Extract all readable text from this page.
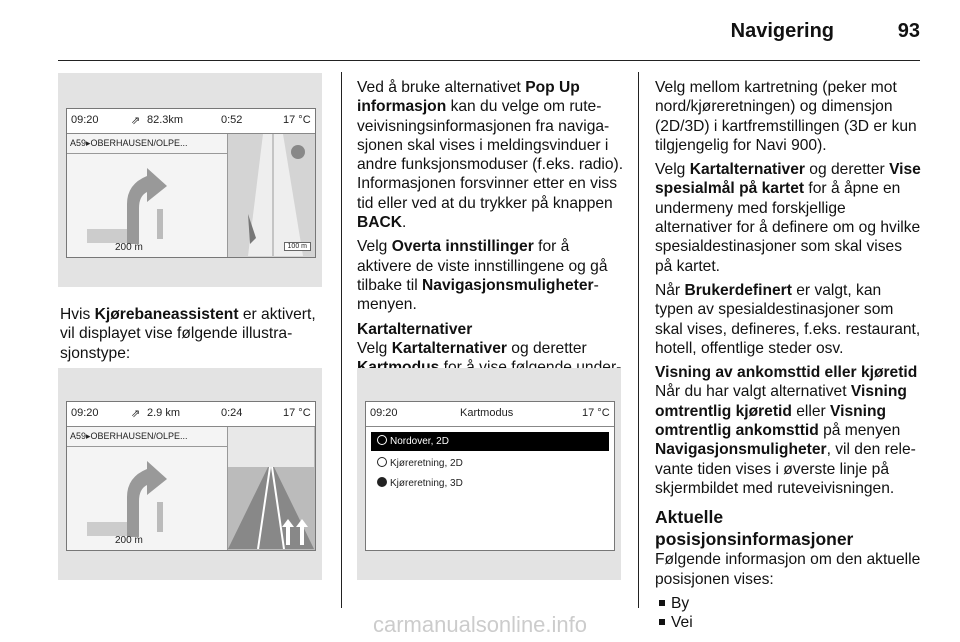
Navigering	93
09:20	⇗ 82.3km	0:52	17 °C
200 m
A59▸OBERHAUSEN/OLPE...
100 m

Hvis Kjørebaneassistent er aktivert, vil displayet vise følgende illustrasjonstype:

09:20	⇗ 2.9 km	0:24	17 °C
200 m
A59▸OBERHAUSEN/OLPE...

Ved å bruke alternativet Pop Up informasjon kan du velge om ruteveivisningsinformasjonen fra navigasjonen skal vises i meldingsvinduer i andre funksjonsmoduser (f.eks. radio). Informasjonen forsvinner etter en viss tid eller ved at du trykker på knappen BACK.

Velg Overta innstillinger for å aktivere de viste innstillingene og gå tilbake til Navigasjonsmuligheter-menyen.

Kartalternativer

Velg Kartalternativer og deretter

09:20	Kartmodus	17 °C
Nordover, 2D
Kjøreretning, 2D
Kjøreretning, 3D

Velg mellom kartretning (peker mot nord/kjøreretningen) og dimensjon (2D/3D) i kartfremstillingen (3D er kun tilgjengelig for Navi 900).

Velg Kartalternativer og deretter Vise spesialmål på kartet for å åpne en undermeny med forskjellige alternativer for å definere om og hvilke spesialdestinasjoner som skal vises på kartet.

Når Brukerdefinert er valgt, kan typen av spesialdestinasjoner som skal vises, defineres, f.eks. restaurant, hotell, offentlige steder osv.

Visning av ankomsttid eller kjøretid

Når du har valgt alternativet Visning omtrentlig kjøretid eller Visning omtrentlig ankomsttid på menyen Navigasjonsmuligheter, vil den relevante tiden vises i øverste linje på skjermbildet med ruteveivisningen.

Aktuelle posisjonsinformasjoner

Følgende informasjon om den aktuelle posisjonen vises:

By
Vei
carmanualsonline.info
